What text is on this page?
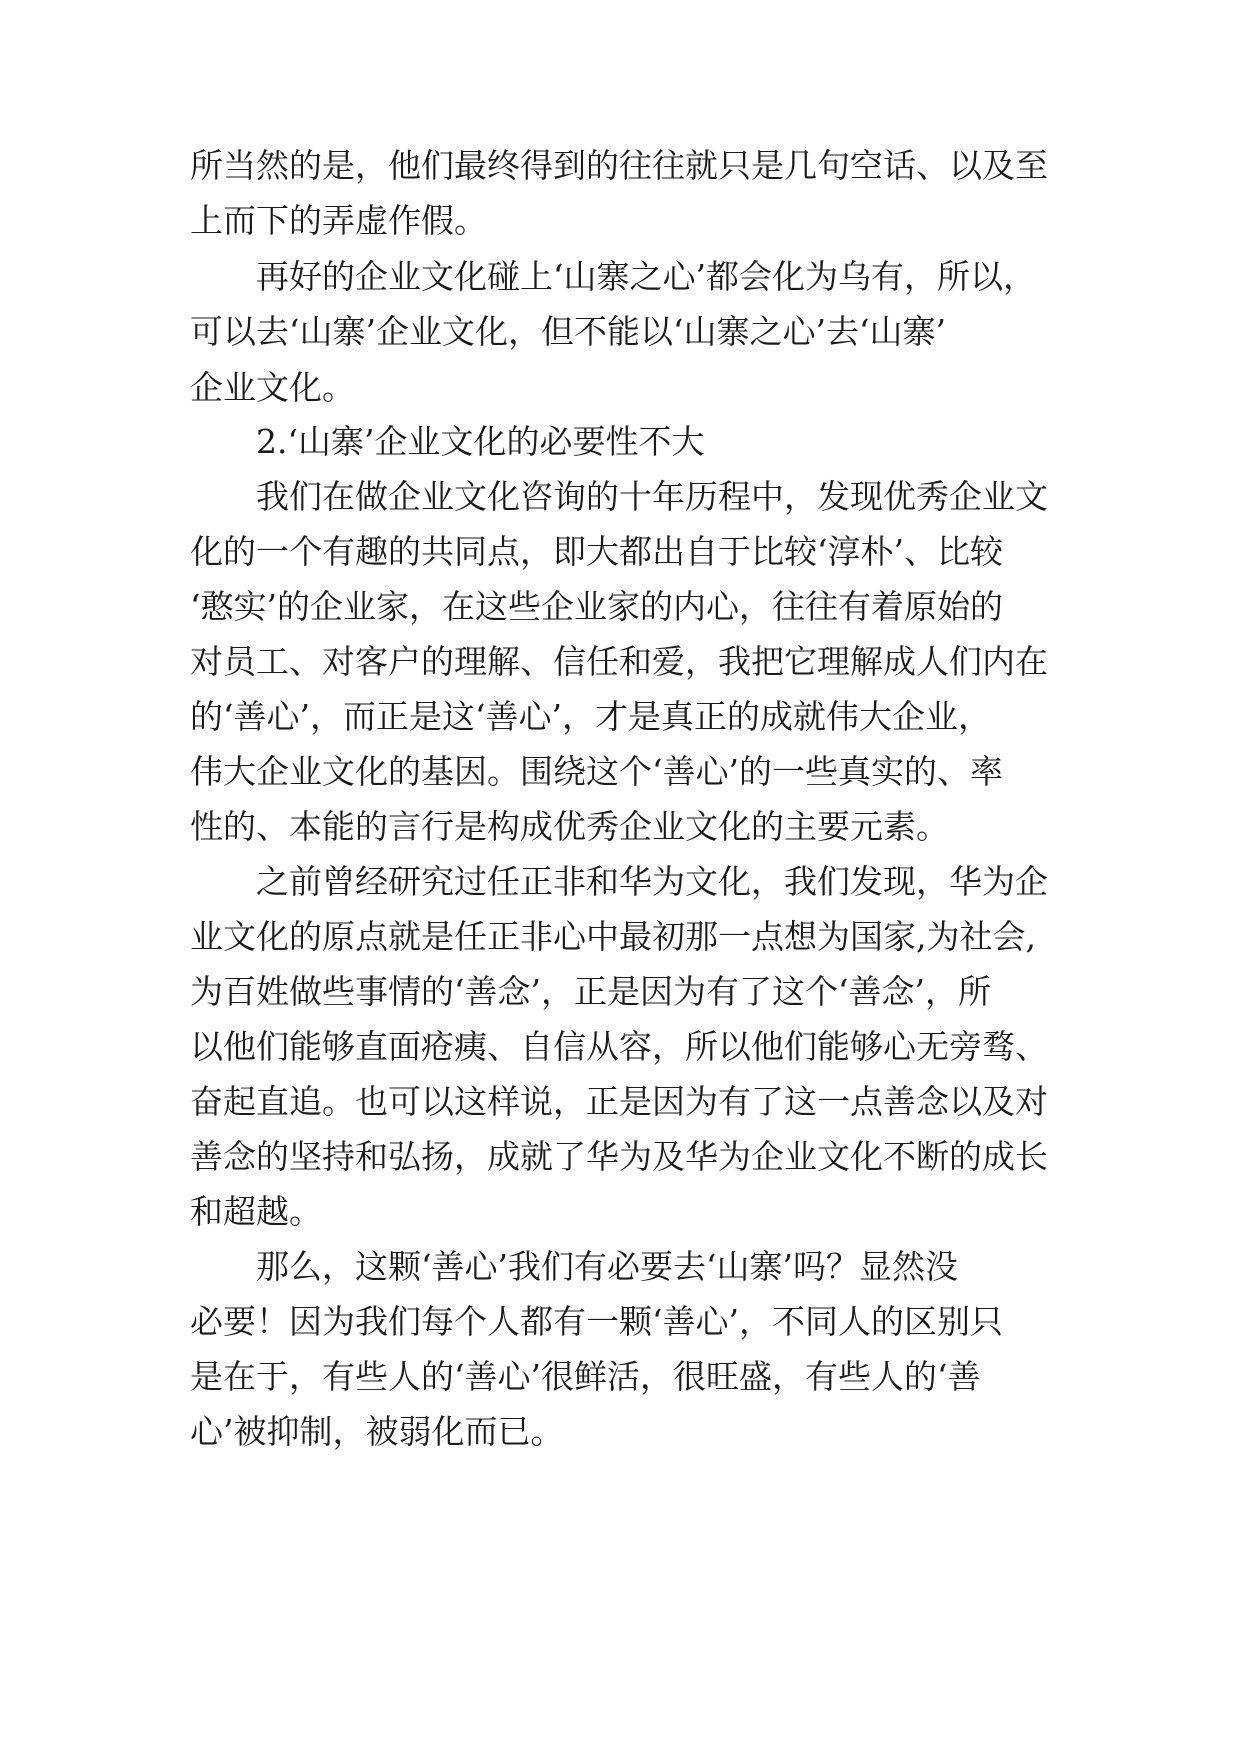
所当然的是，他们最终得到的往往就只是几句空话、以及至
上而下的弄虚作假。
再好的企业文化碰上‘山寨之心’都会化为乌有，所以，
可以去‘山寨’企业文化，但不能以‘山寨之心’去‘山寨’
企业文化。
2.‘山寨’企业文化的必要性不大
我们在做企业文化咨询的十年历程中，发现优秀企业文
化的一个有趣的共同点，即大都出自于比较‘淳朴’、比较
‘憨实’的企业家，在这些企业家的内心，往往有着原始的
对员工、对客户的理解、信任和爱，我把它理解成人们内在
的‘善心’，而正是这‘善心’，才是真正的成就伟大企业，
伟大企业文化的基因。围绕这个‘善心’的一些真实的、率
性的、本能的言行是构成优秀企业文化的主要元素。
之前曾经研究过任正非和华为文化，我们发现，华为企
业文化的原点就是任正非心中最初那一点想为国家,为社会,
为百姓做些事情的‘善念’，正是因为有了这个‘善念’，所
以他们能够直面疮痍、自信从容，所以他们能够心无旁骛、
奋起直追。也可以这样说，正是因为有了这一点善念以及对
善念的坚持和弘扬，成就了华为及华为企业文化不断的成长
和超越。
那么，这颗‘善心’我们有必要去‘山寨’吗？显然没
必要！因为我们每个人都有一颗‘善心’，不同人的区别只
是在于，有些人的‘善心’很鲜活，很旺盛，有些人的‘善
心’被抑制，被弱化而已。
